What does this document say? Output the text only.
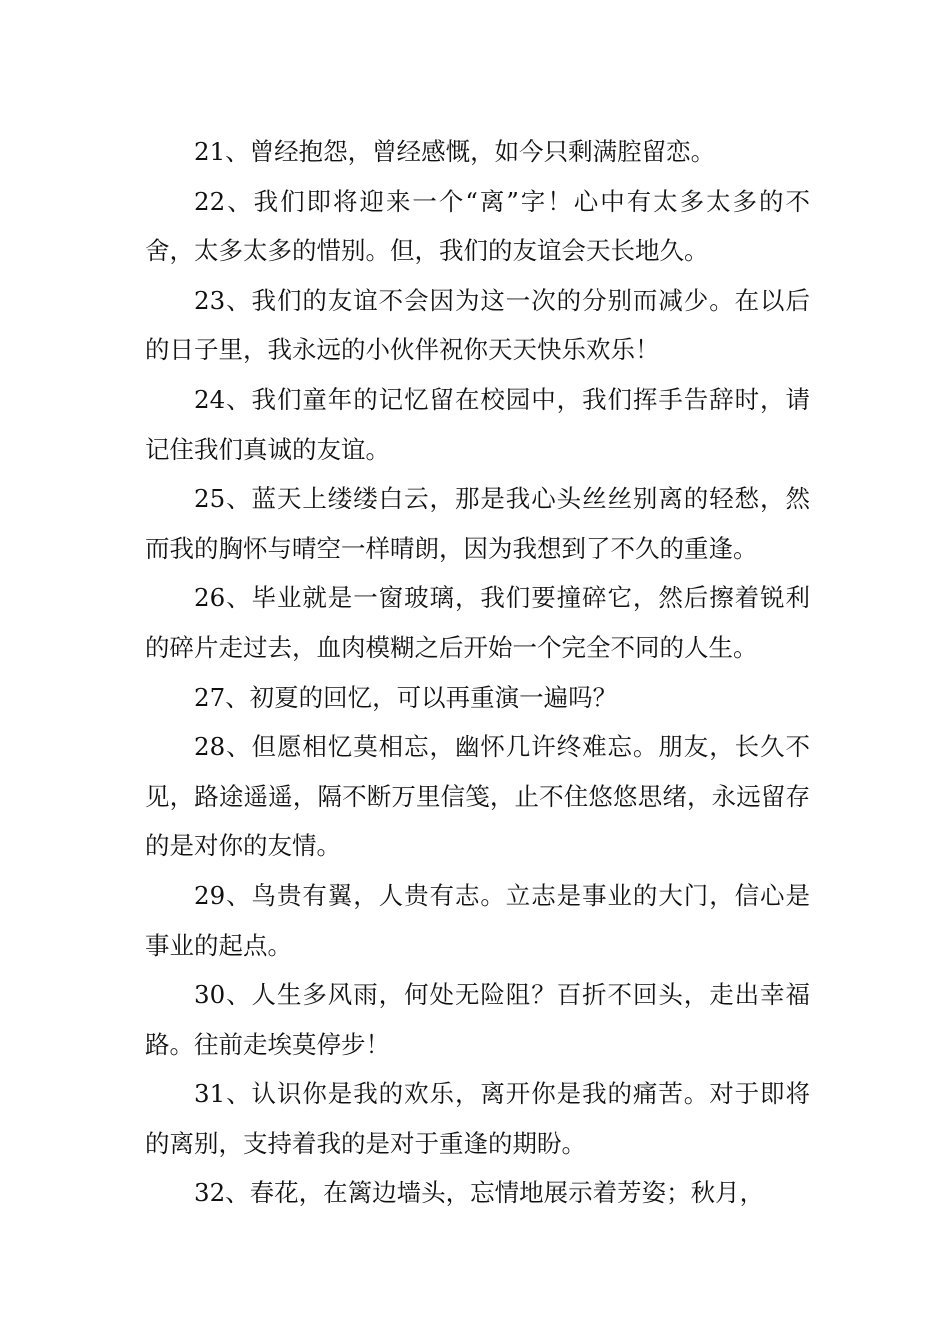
21、曾经抱怨，曾经感慨，如今只剩满腔留恋。

22、我们即将迎来一个“离”字！心中有太多太多的不舍，太多太多的惜别。但，我们的友谊会天长地久。

23、我们的友谊不会因为这一次的分别而减少。在以后的日子里，我永远的小伙伴祝你天天快乐欢乐！

24、我们童年的记忆留在校园中，我们挥手告辞时，请记住我们真诚的友谊。

25、蓝天上缕缕白云，那是我心头丝丝别离的轻愁，然而我的胸怀与晴空一样晴朗，因为我想到了不久的重逢。

26、毕业就是一窗玻璃，我们要撞碎它，然后擦着锐利的碎片走过去，血肉模糊之后开始一个完全不同的人生。

27、初夏的回忆，可以再重演一遍吗？

28、但愿相忆莫相忘，幽怀几许终难忘。朋友，长久不见，路途遥遥，隔不断万里信笺，止不住悠悠思绪，永远留存的是对你的友情。

29、鸟贵有翼，人贵有志。立志是事业的大门，信心是事业的起点。

30、人生多风雨，何处无险阻？百折不回头，走出幸福路。往前走埃莫停步！

31、认识你是我的欢乐，离开你是我的痛苦。对于即将的离别，支持着我的是对于重逢的期盼。

32、春花，在篱边墙头，忘情地展示着芳姿；秋月，
